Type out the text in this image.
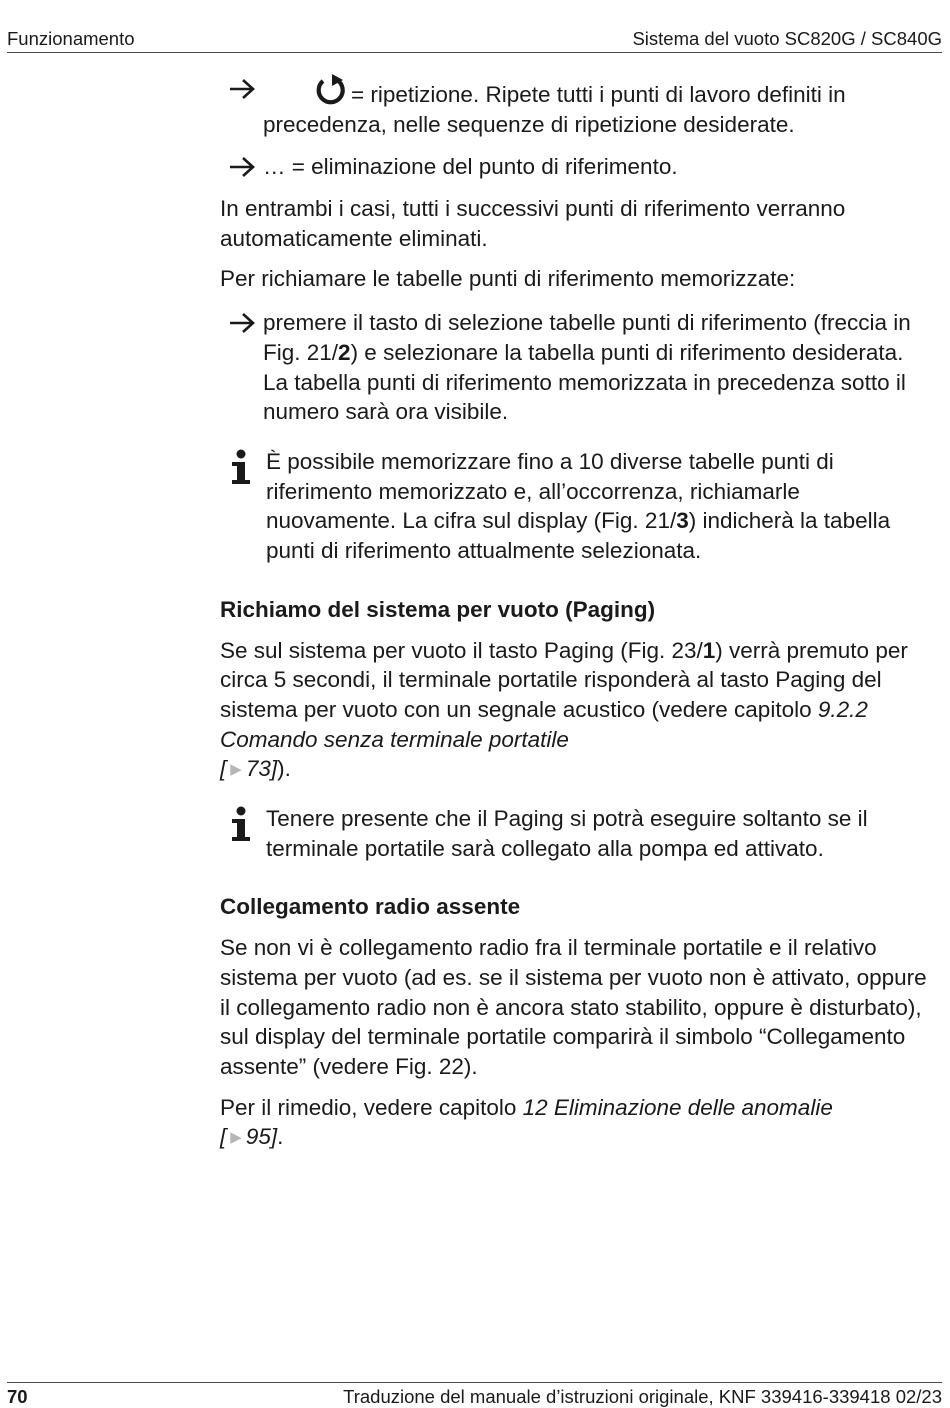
Funzionamento	Sistema del vuoto SC820G / SC840G

= ripetizione. Ripete tutti i punti di lavoro definiti in precedenza, nelle sequenze di ripetizione desiderate.

… = eliminazione del punto di riferimento.

In entrambi i casi, tutti i successivi punti di riferimento verranno automaticamente eliminati.

Per richiamare le tabelle punti di riferimento memorizzate:

premere il tasto di selezione tabelle punti di riferimento (freccia in Fig. 21/2) e selezionare la tabella punti di riferimento desiderata.

La tabella punti di riferimento memorizzata in precedenza sotto il numero sarà ora visibile.

È possibile memorizzare fino a 10 diverse tabelle punti di riferimento memorizzato e, all’occorrenza, richiamarle nuovamente. La cifra sul display (Fig. 21/3) indicherà la tabella punti di riferimento attualmente selezionata.

Richiamo del sistema per vuoto (Paging)

Se sul sistema per vuoto il tasto Paging (Fig. 23/1) verrà premuto per circa 5 secondi, il terminale portatile risponderà al tasto Paging del sistema per vuoto con un segnale acustico (vedere capitolo 9.2.2 Comando senza terminale portatile
[ ▶ 73]).

Tenere presente che il Paging si potrà eseguire soltanto se il terminale portatile sarà collegato alla pompa ed attivato.

Collegamento radio assente

Se non vi è collegamento radio fra il terminale portatile e il relativo sistema per vuoto (ad es. se il sistema per vuoto non è attivato, oppure il collegamento radio non è ancora stato stabilito, oppure è disturbato), sul display del terminale portatile comparirà il simbolo “Collegamento assente” (vedere Fig. 22).

Per il rimedio, vedere capitolo 12 Eliminazione delle anomalie
[ ▶ 95].

70	Traduzione del manuale d’istruzioni originale, KNF 339416-339418 02/23
